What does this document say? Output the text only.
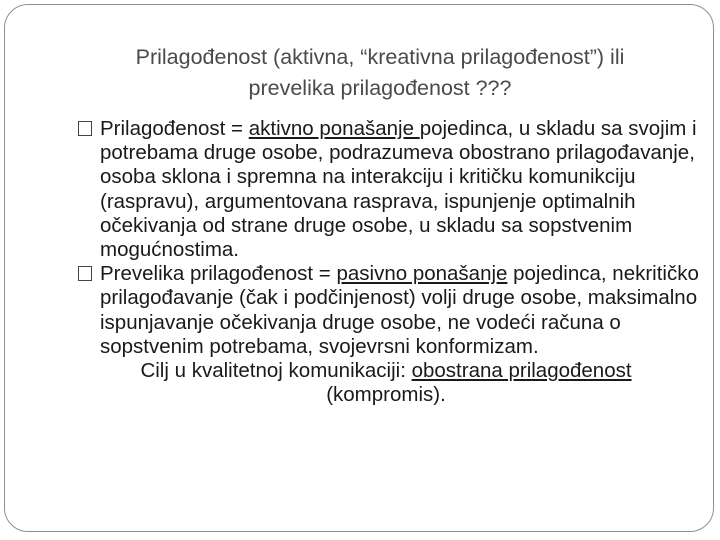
Prilagođenost (aktivna, “kreativna prilagođenost”) ili
prevelika prilagođenost ???
Prilagođenost = aktivno ponašanje pojedinca, u skladu sa svojim i potrebama druge osobe, podrazumeva obostrano prilagođavanje, osoba sklona i spremna na interakciju i kritičku komunikciju (raspravu), argumentovana rasprava, ispunjenje optimalnih očekivanja od strane druge osobe, u skladu sa sopstvenim mogućnostima.
Prevelika prilagođenost = pasivno ponašanje pojedinca, nekritičko prilagođavanje (čak i podčinjenost) volji druge osobe, maksimalno ispunjavanje očekivanja druge osobe, ne vodeći računa o sopstvenim potrebama, svojevrsni konformizam.
Cilj u kvalitetnoj komunikaciji: obostrana prilagođenost
(kompromis).
